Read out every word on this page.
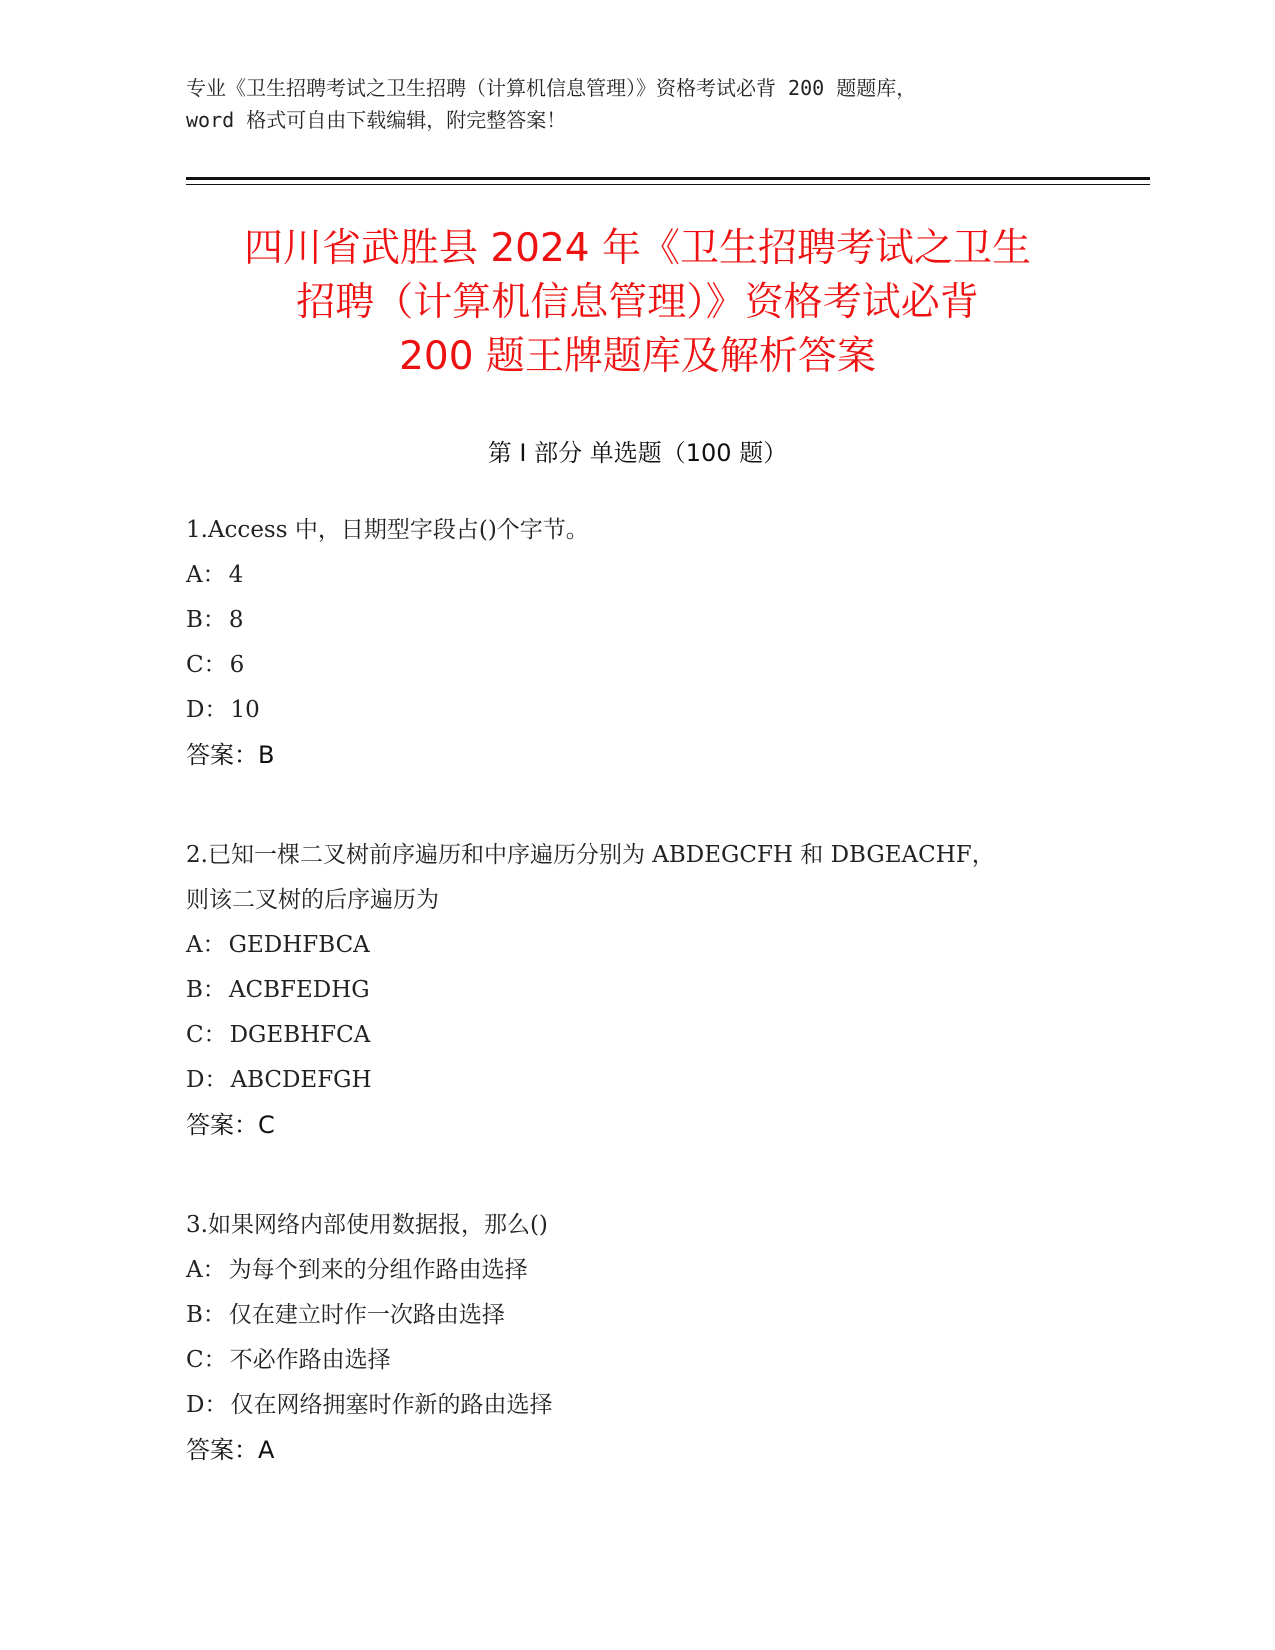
专业《卫生招聘考试之卫生招聘（计算机信息管理）》资格考试必背 200 题题库，
word 格式可自由下载编辑，附完整答案！
四川省武胜县 2024 年《卫生招聘考试之卫生
招聘（计算机信息管理）》资格考试必背
200 题王牌题库及解析答案
第 I 部分 单选题（100 题）
1.Access 中，日期型字段占()个字节。
A： 4
B： 8
C： 6
D： 10
答案：B
2.已知一棵二叉树前序遍历和中序遍历分别为 ABDEGCFH 和 DBGEACHF，
则该二叉树的后序遍历为
A： GEDHFBCA
B： ACBFEDHG
C： DGEBHFCA
D： ABCDEFGH
答案：C
3.如果网络内部使用数据报，那么()
A： 为每个到来的分组作路由选择
B： 仅在建立时作一次路由选择
C： 不必作路由选择
D： 仅在网络拥塞时作新的路由选择
答案：A
